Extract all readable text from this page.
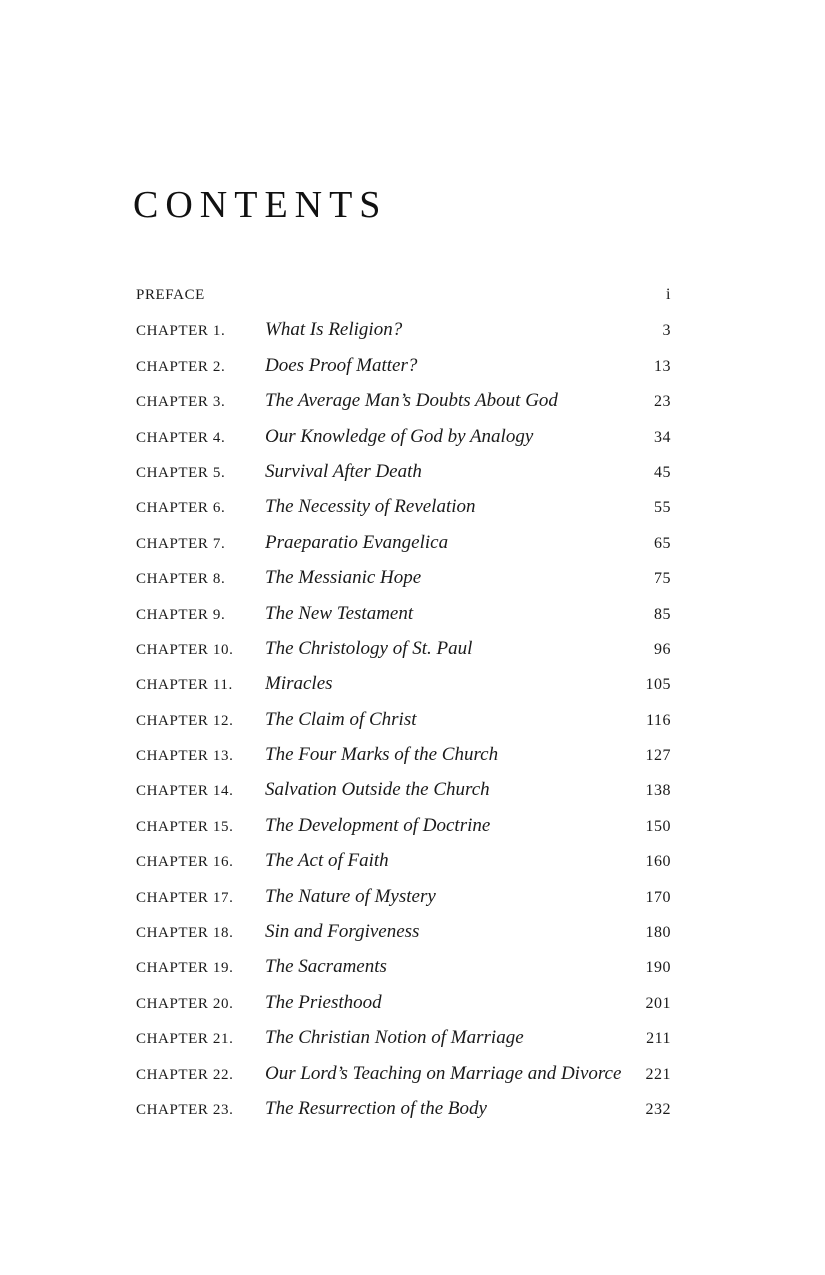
CONTENTS
PREFACE	i
CHAPTER 1.	What Is Religion?	3
CHAPTER 2.	Does Proof Matter?	13
CHAPTER 3.	The Average Man’s Doubts About God	23
CHAPTER 4.	Our Knowledge of God by Analogy	34
CHAPTER 5.	Survival After Death	45
CHAPTER 6.	The Necessity of Revelation	55
CHAPTER 7.	Praeparatio Evangelica	65
CHAPTER 8.	The Messianic Hope	75
CHAPTER 9.	The New Testament	85
CHAPTER 10.	The Christology of St. Paul	96
CHAPTER 11.	Miracles	105
CHAPTER 12.	The Claim of Christ	116
CHAPTER 13.	The Four Marks of the Church	127
CHAPTER 14.	Salvation Outside the Church	138
CHAPTER 15.	The Development of Doctrine	150
CHAPTER 16.	The Act of Faith	160
CHAPTER 17.	The Nature of Mystery	170
CHAPTER 18.	Sin and Forgiveness	180
CHAPTER 19.	The Sacraments	190
CHAPTER 20.	The Priesthood	201
CHAPTER 21.	The Christian Notion of Marriage	211
CHAPTER 22.	Our Lord’s Teaching on Marriage and Divorce	221
CHAPTER 23.	The Resurrection of the Body	232
